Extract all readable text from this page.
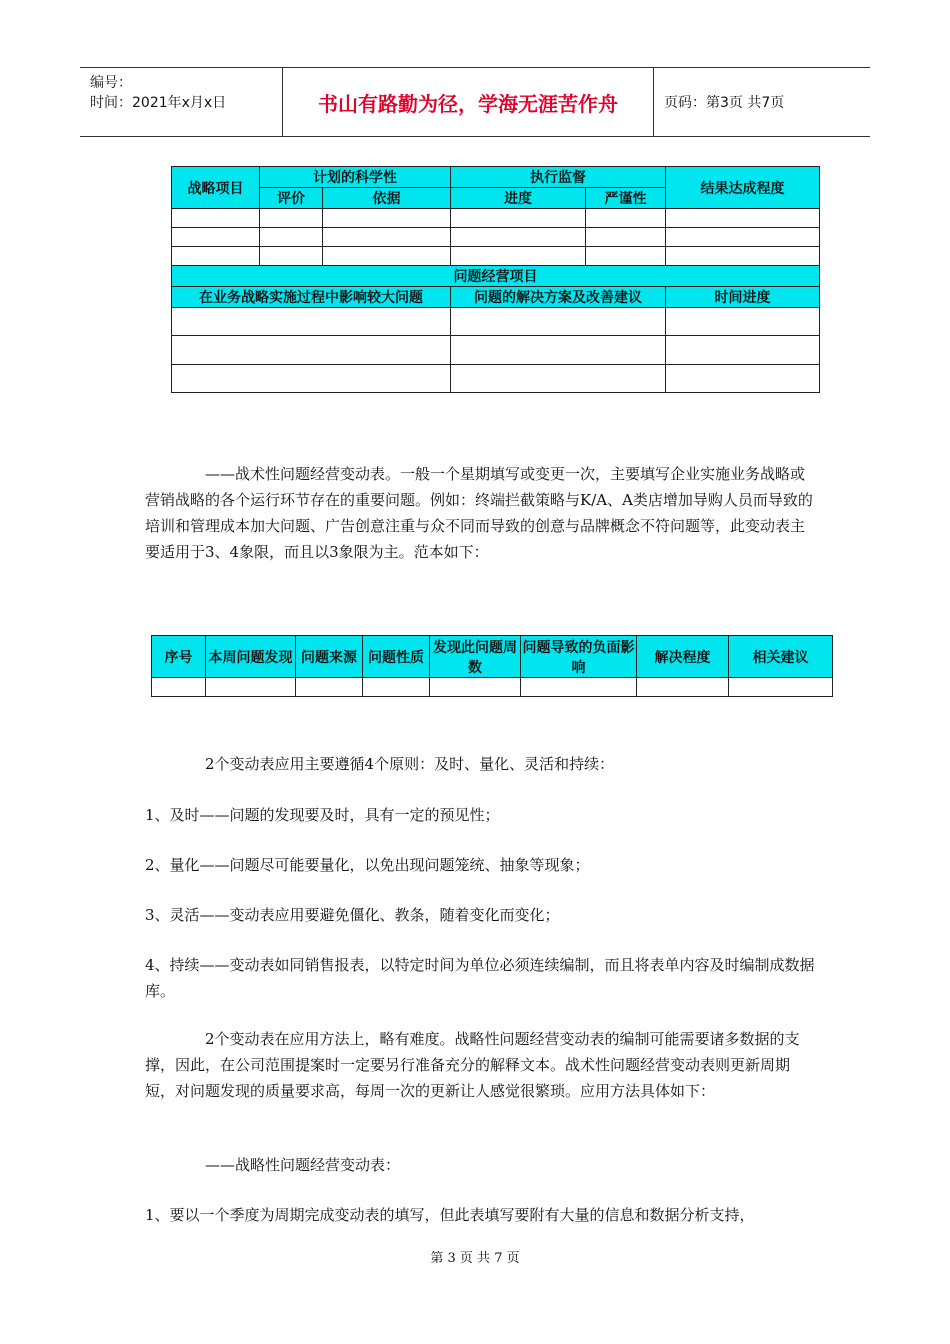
编号：
时间：2021年x月x日	书山有路勤为径，学海无涯苦作舟	页码：第3页 共7页
战略项目	计划的科学性		执行监督		结果达成程度
	评价	依据	进度	严谨性	

问题经营项目					
在业务战略实施过程中影响较大问题			问题的解决方案及改善建议		时间进度

——战术性问题经营变动表。一般一个星期填写或变更一次，主要填写企业实施业务战略或营销战略的各个运行环节存在的重要问题。例如：终端拦截策略与K/A、A类店增加导购人员而导致的培训和管理成本加大问题、广告创意注重与众不同而导致的创意与品牌概念不符问题等，此变动表主要适用于3、4象限，而且以3象限为主。范本如下：

序号	本周问题发现	问题来源	问题性质	发现此问题周数	问题导致的负面影响	解决程度	相关建议

2个变动表应用主要遵循4个原则：及时、量化、灵活和持续：

1、及时——问题的发现要及时，具有一定的预见性；

2、量化——问题尽可能要量化，以免出现问题笼统、抽象等现象；

3、灵活——变动表应用要避免僵化、教条，随着变化而变化；

4、持续——变动表如同销售报表，以特定时间为单位必须连续编制，而且将表单内容及时编制成数据库。

2个变动表在应用方法上，略有难度。战略性问题经营变动表的编制可能需要诸多数据的支撑，因此，在公司范围提案时一定要另行准备充分的解释文本。战术性问题经营变动表则更新周期短，对问题发现的质量要求高，每周一次的更新让人感觉很繁琐。应用方法具体如下：

——战略性问题经营变动表：

1、要以一个季度为周期完成变动表的填写，但此表填写要附有大量的信息和数据分析支持，

第 3 页 共 7 页
